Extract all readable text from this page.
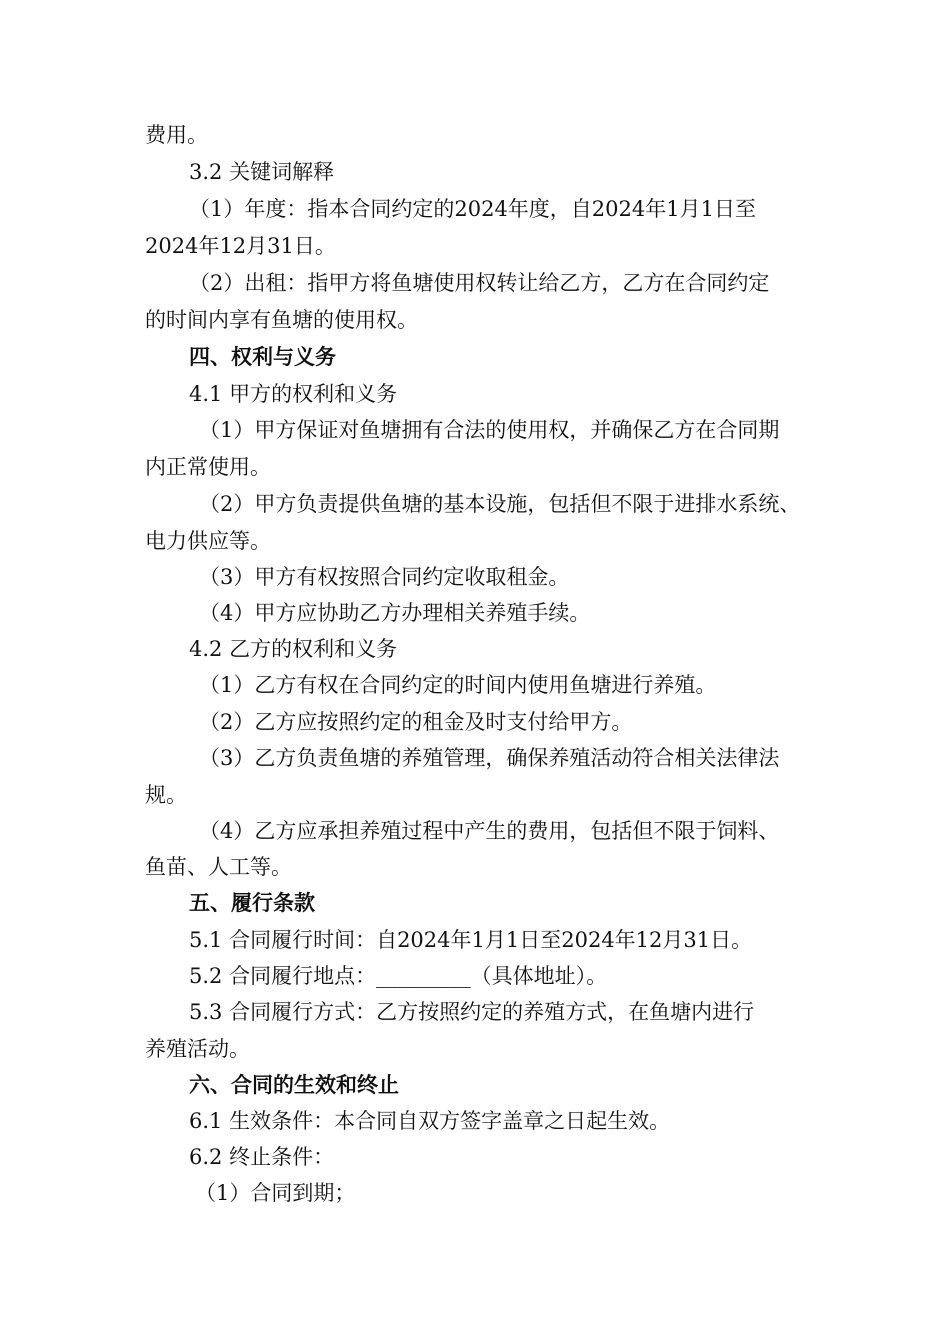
费用。
3.2 关键词解释
（1）年度：指本合同约定的2024年度，自2024年1月1日至
2024年12月31日。
（2）出租：指甲方将鱼塘使用权转让给乙方，乙方在合同约定
的时间内享有鱼塘的使用权。
四、权利与义务
4.1 甲方的权利和义务
（1）甲方保证对鱼塘拥有合法的使用权，并确保乙方在合同期
内正常使用。
（2）甲方负责提供鱼塘的基本设施，包括但不限于进排水系统、
电力供应等。
（3）甲方有权按照合同约定收取租金。
（4）甲方应协助乙方办理相关养殖手续。
4.2 乙方的权利和义务
（1）乙方有权在合同约定的时间内使用鱼塘进行养殖。
（2）乙方应按照约定的租金及时支付给甲方。
（3）乙方负责鱼塘的养殖管理，确保养殖活动符合相关法律法
规。
（4）乙方应承担养殖过程中产生的费用，包括但不限于饲料、
鱼苗、人工等。
五、履行条款
5.1 合同履行时间：自2024年1月1日至2024年12月31日。
5.2 合同履行地点：_________（具体地址）。
5.3 合同履行方式：乙方按照约定的养殖方式，在鱼塘内进行
养殖活动。
六、合同的生效和终止
6.1 生效条件：本合同自双方签字盖章之日起生效。
6.2 终止条件：
（1）合同到期；
